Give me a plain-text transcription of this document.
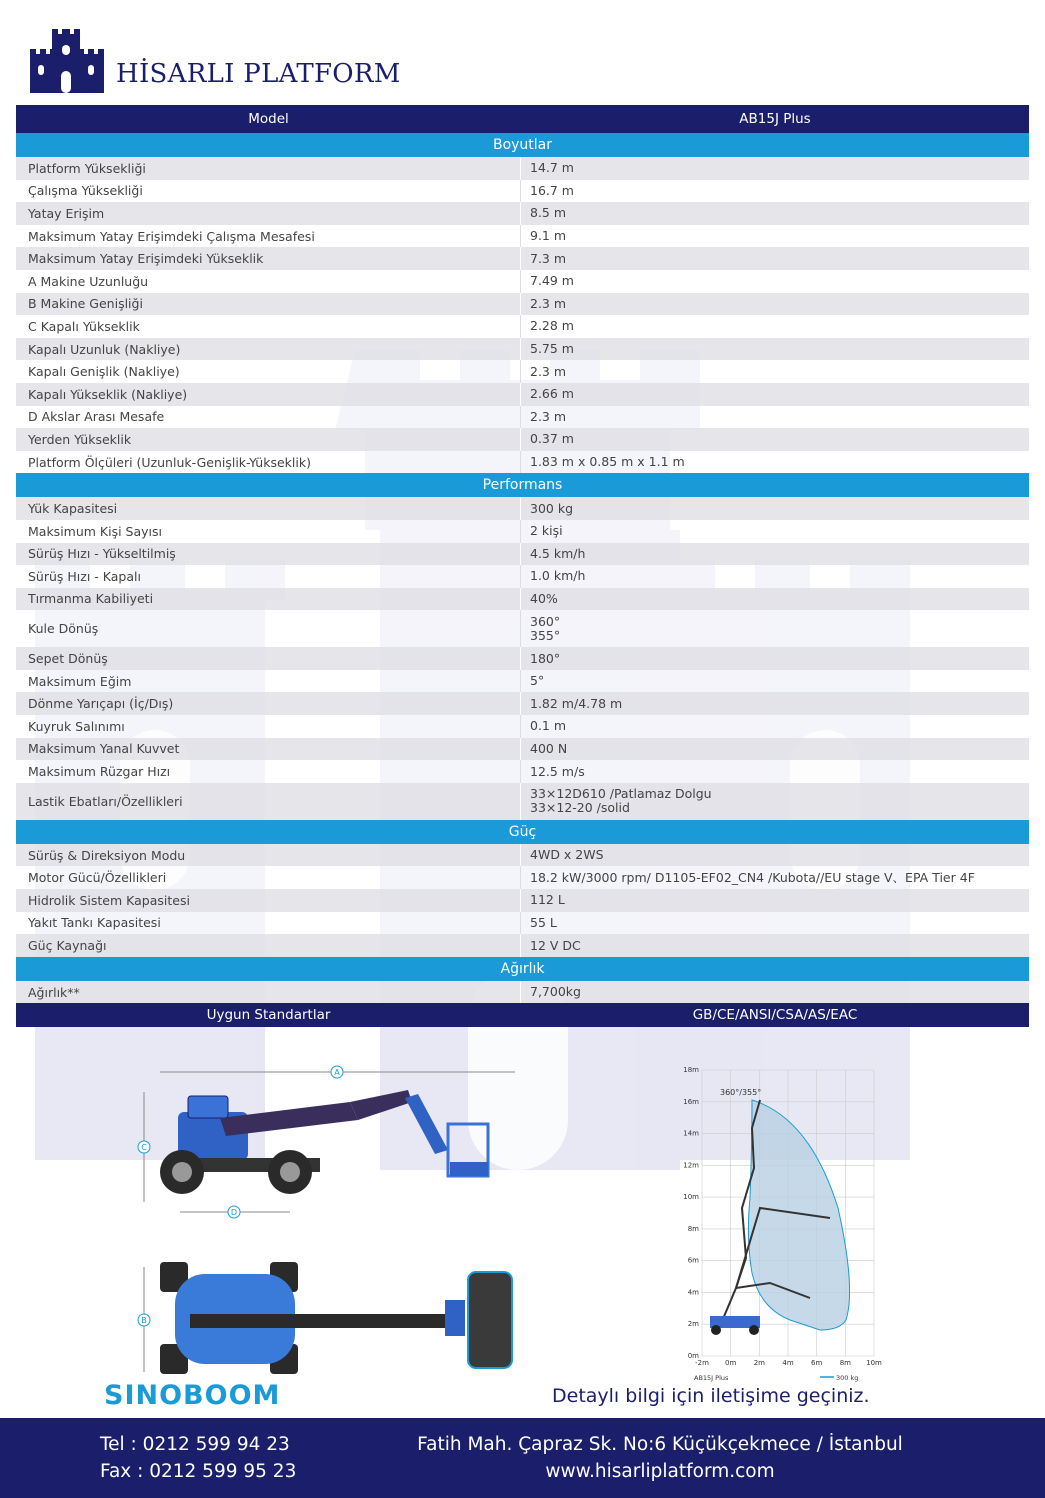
HİSARLI PLATFORM
Model	AB15J Plus
Boyutlar
Platform Yüksekliği	14.7 m
Çalışma Yüksekliği	16.7 m
Yatay Erişim	8.5 m
Maksimum Yatay Erişimdeki Çalışma Mesafesi	9.1 m
Maksimum Yatay Erişimdeki Yükseklik	7.3 m
A Makine Uzunluğu	7.49 m
B Makine Genişliği	2.3 m
C Kapalı Yükseklik	2.28 m
Kapalı Uzunluk (Nakliye)	5.75 m
Kapalı Genişlik (Nakliye)	2.3 m
Kapalı Yükseklik (Nakliye)	2.66 m
D Akslar Arası Mesafe	2.3 m
Yerden Yükseklik	0.37 m
Platform Ölçüleri (Uzunluk-Genişlik-Yükseklik)	1.83 m x 0.85 m x 1.1 m
Performans
Yük Kapasitesi	300 kg
Maksimum Kişi Sayısı	2 kişi
Sürüş Hızı - Yükseltilmiş	4.5 km/h
Sürüş Hızı - Kapalı	1.0 km/h
Tırmanma Kabiliyeti	40%
Kule Dönüş	360°
355°
Sepet Dönüş	180°
Maksimum Eğim	5°
Dönme Yarıçapı (İç/Dış)	1.82 m/4.78 m
Kuyruk Salınımı	0.1 m
Maksimum Yanal Kuvvet	400 N
Maksimum Rüzgar Hızı	12.5 m/s
Lastik Ebatları/Özellikleri	33×12D610 /Patlamaz Dolgu
33×12-20 /solid
Güç
Sürüş & Direksiyon Modu	4WD x 2WS
Motor Gücü/Özellikleri	18.2 kW/3000 rpm/ D1105-EF02_CN4 /Kubota//EU stage V、EPA Tier 4F
Hidrolik Sistem Kapasitesi	112 L
Yakıt Tankı Kapasitesi	55 L
Güç Kaynağı	12 V DC
Ağırlık
Ağırlık**	7,700kg
Uygun Standartlar	GB/CE/ANSI/CSA/AS/EAC
A
C
D
B
18m
16m
14m
12m
10m
8m
6m
4m
2m
0m
-2m 0m 2m 4m 6m 8m 10m
360°/355°
AB15J Plus	300 kg
SINOBOOM	Detaylı bilgi için iletişime geçiniz.
Tel : 0212 599 94 23
Fax : 0212 599 95 23
Fatih Mah. Çapraz Sk. No:6 Küçükçekmece / İstanbul
www.hisarliplatform.com
